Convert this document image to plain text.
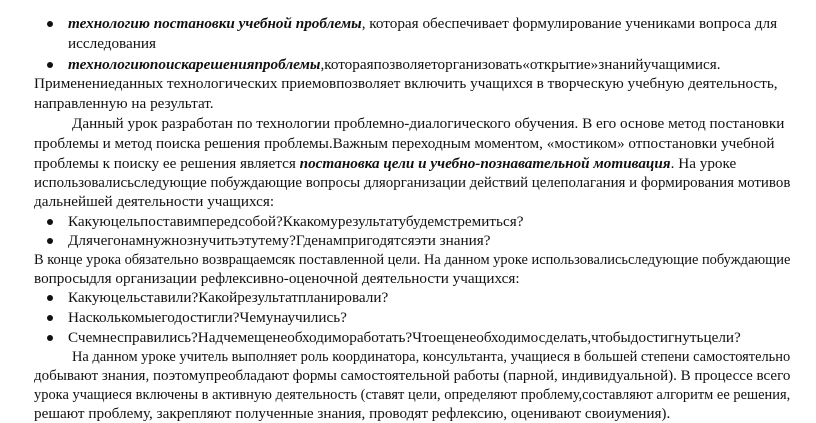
технологию постановки учебной проблемы, которая обеспечивает формулирование учениками вопроса для
исследования
технологиюпоискарешенияпроблемы,котораяпозволяеторганизовать«открытие»знанийучащимися.
Применениеданных технологических приемовпозволяет включить учащихся в творческую учебную деятельность,
направленную на результат.
Данный урок разработан по технологии проблемно-диалогического обучения. В его основе метод постановки
проблемы и метод поиска решения проблемы.Важным переходным моментом, «мостиком» отпостановки учебной
проблемы к поиску ее решения является постановка цели и учебно-познавательной мотивация. На уроке
использовалисьследующие побуждающие вопросы дляорганизации действий целеполагания и формирования мотивов
дальнейшей деятельности учащихся:
Какуюцельпоставимпередсобой?Ккакомурезультатубудемстремиться?
Длячегонамнужнознучитьэтутему?Гденампригодятсяэти знания?
В конце урока обязательно возвращаемсяк поставленной цели. На данном уроке использовалисьследующие побуждающие
вопросыдля организации рефлексивно-оценочной деятельности учащихся:
Какуюцельставили?Какойрезультатпланировали?
Насколькомыегодостигли?Чемунаучились?
Счемнесправились?Надчемещенеобходимоработать?Чтоещенеобходимосделать,чтобыдостигнутьцели?
На данном уроке учитель выполняет роль координатора, консультанта, учащиеся в большей степени самостоятельно
добывают знания, поэтомупреобладают формы самостоятельной работы (парной, индивидуальной). В процессе всего
урока учащиеся включены в активную деятельность (ставят цели, определяют проблему,составляют алгоритм ее решения,
решают проблему, закрепляют полученные знания, проводят рефлексию, оценивают своиумения).
